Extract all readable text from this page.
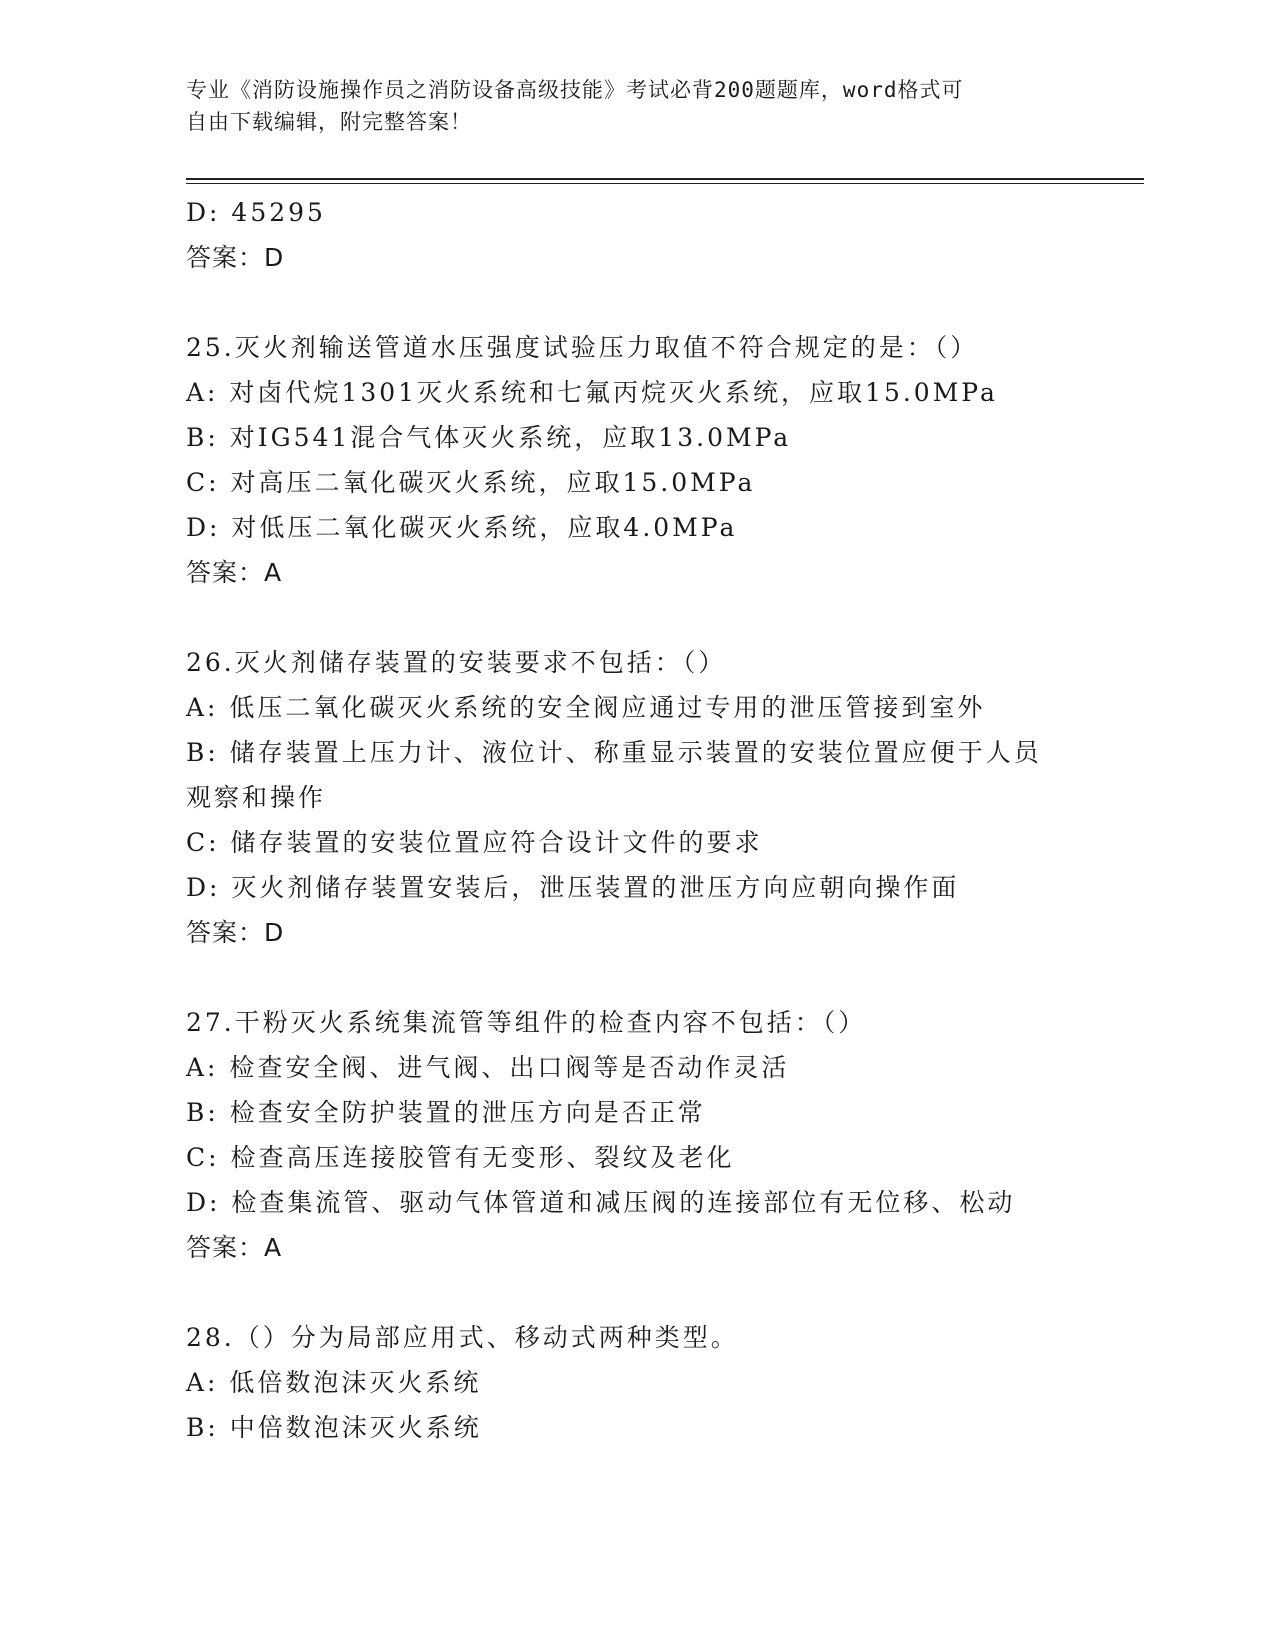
专业《消防设施操作员之消防设备高级技能》考试必背200题题库，word格式可
自由下载编辑，附完整答案！
D: 45295
答案：D
25.灭火剂输送管道水压强度试验压力取值不符合规定的是：（）
A: 对卤代烷1301灭火系统和七氟丙烷灭火系统，应取15.0MPa
B: 对IG541混合气体灭火系统，应取13.0MPa
C: 对高压二氧化碳灭火系统，应取15.0MPa
D: 对低压二氧化碳灭火系统，应取4.0MPa
答案：A
26.灭火剂储存装置的安装要求不包括：（）
A: 低压二氧化碳灭火系统的安全阀应通过专用的泄压管接到室外
B: 储存装置上压力计、液位计、称重显示装置的安装位置应便于人员观察和操作
C: 储存装置的安装位置应符合设计文件的要求
D: 灭火剂储存装置安装后，泄压装置的泄压方向应朝向操作面
答案：D
27.干粉灭火系统集流管等组件的检查内容不包括：（）
A: 检查安全阀、进气阀、出口阀等是否动作灵活
B: 检查安全防护装置的泄压方向是否正常
C: 检查高压连接胶管有无变形、裂纹及老化
D: 检查集流管、驱动气体管道和减压阀的连接部位有无位移、松动
答案：A
28.（）分为局部应用式、移动式两种类型。
A: 低倍数泡沫灭火系统
B: 中倍数泡沫灭火系统
